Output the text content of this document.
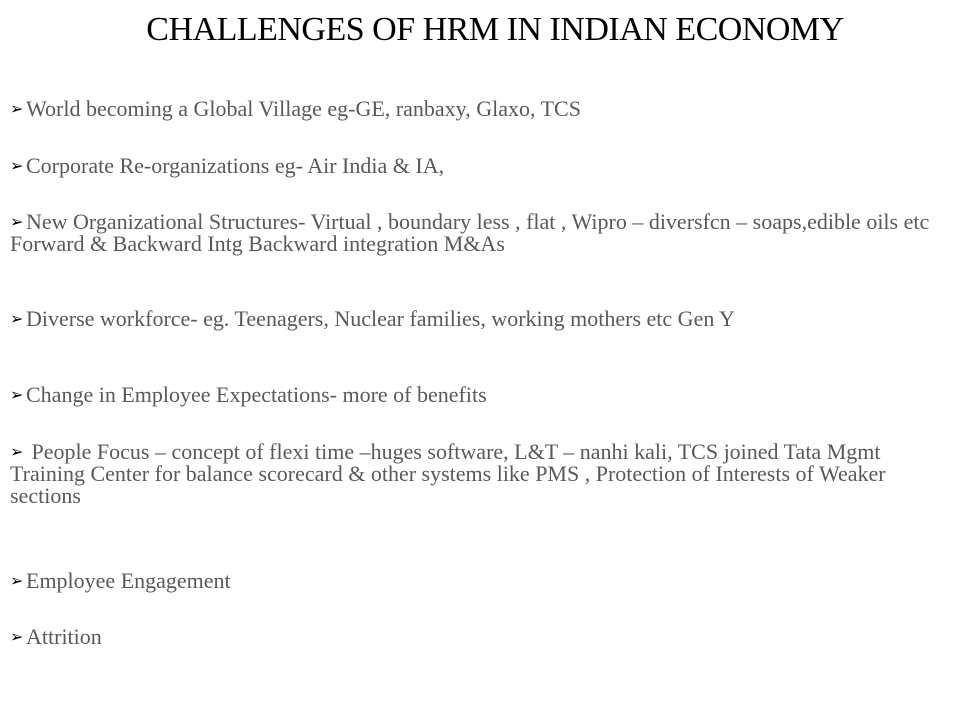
CHALLENGES OF HRM IN INDIAN ECONOMY
➢ World becoming a Global Village eg-GE, ranbaxy, Glaxo, TCS
➢ Corporate Re-organizations eg- Air India & IA,
➢ New Organizational Structures- Virtual , boundary less , flat , Wipro – diversfcn – soaps,edible oils etc Forward & Backward Intg Backward integration M&As
➢ Diverse workforce- eg. Teenagers, Nuclear families, working mothers etc Gen Y
➢ Change in Employee Expectations- more of benefits
➢ People Focus – concept of flexi time –huges software, L&T – nanhi kali, TCS joined Tata Mgmt Training Center for balance scorecard & other systems like PMS , Protection of Interests of Weaker sections
➢ Employee Engagement
➢ Attrition
